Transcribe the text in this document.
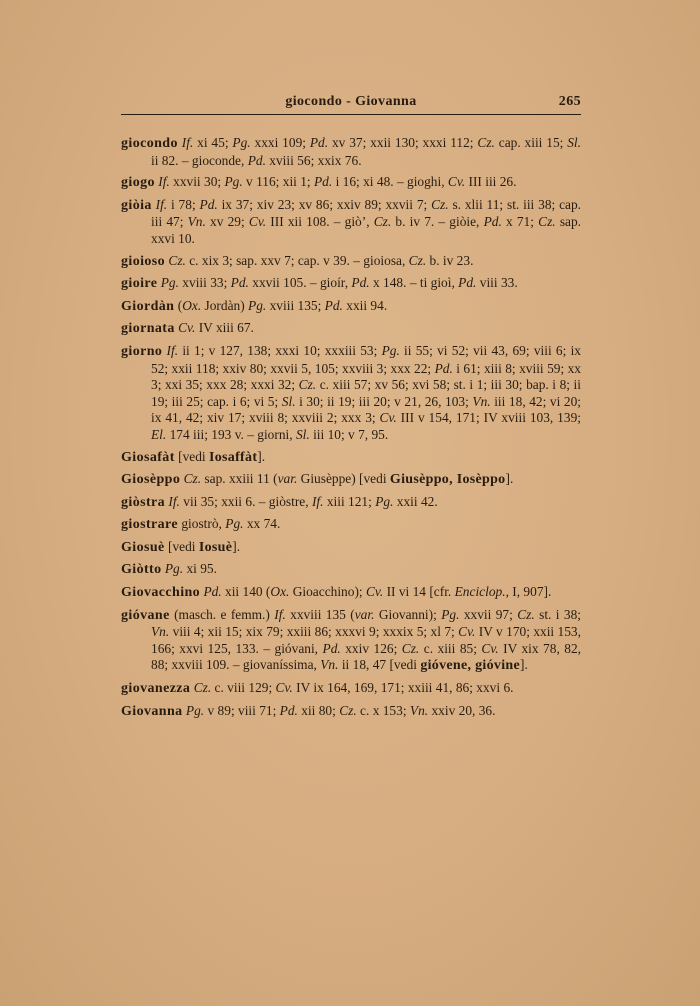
giocondo - Giovanna	265

giocondo If. xi 45; Pg. xxxi 109; Pd. xv 37; xxii 130; xxxi 112; Cz. cap. xiii 15; Sl. ii 82. – gioconde, Pd. xviii 56; xxix 76.

giogo If. xxvii 30; Pg. v 116; xii 1; Pd. i 16; xi 48. – gioghi, Cv. III iii 26.

giòia If. i 78; Pd. ix 37; xiv 23; xv 86; xxiv 89; xxvii 7; Cz. s. xlii 11; st. iii 38; cap. iii 47; Vn. xv 29; Cv. III xii 108. – giò’, Cz. b. iv 7. – giòie, Pd. x 71; Cz. sap. xxvi 10.

gioioso Cz. c. xix 3; sap. xxv 7; cap. v 39. – gioiosa, Cz. b. iv 23.

gioire Pg. xviii 33; Pd. xxvii 105. – gioír, Pd. x 148. – ti gioì, Pd. viii 33.

Giordàn (Ox. Jordàn) Pg. xviii 135; Pd. xxii 94.

giornata Cv. IV xiii 67.

giorno If. ii 1; v 127, 138; xxxi 10; xxxiii 53; Pg. ii 55; vi 52; vii 43, 69; viii 6; ix 52; xxii 118; xxiv 80; xxvii 5, 105; xxviii 3; xxx 22; Pd. i 61; xiii 8; xviii 59; xx 3; xxi 35; xxx 28; xxxi 32; Cz. c. xiii 57; xv 56; xvi 58; st. i 1; iii 30; bap. i 8; ii 19; iii 25; cap. i 6; vi 5; Sl. i 30; ii 19; iii 20; v 21, 26, 103; Vn. iii 18, 42; vi 20; ix 41, 42; xiv 17; xviii 8; xxviii 2; xxx 3; Cv. III v 154, 171; IV xviii 103, 139; El. 174 iii; 193 v. – giorni, Sl. iii 10; v 7, 95.

Giosafàt [vedi Iosaffàt].

Giosèppo Cz. sap. xxiii 11 (var. Giusèppe) [vedi Giusèppo, Iosèppo].

giòstra If. vii 35; xxii 6. – giòstre, If. xiii 121; Pg. xxii 42.

giostrare giostrò, Pg. xx 74.

Giosuè [vedi Iosuè].

Giòtto Pg. xi 95.

Giovacchino Pd. xii 140 (Ox. Gioacchino); Cv. II vi 14 [cfr. Enciclop., I, 907].

gióvane (masch. e femm.) If. xxviii 135 (var. Giovanni); Pg. xxvii 97; Cz. st. i 38; Vn. viii 4; xii 15; xix 79; xxiii 86; xxxvi 9; xxxix 5; xl 7; Cv. IV v 170; xxii 153, 166; xxvi 125, 133. – gióvani, Pd. xxiv 126; Cz. c. xiii 85; Cv. IV xix 78, 82, 88; xxviii 109. – giovaníssima, Vn. ii 18, 47 [vedi gióvene, gióvine].

giovanezza Cz. c. viii 129; Cv. IV ix 164, 169, 171; xxiii 41, 86; xxvi 6.

Giovanna Pg. v 89; viii 71; Pd. xii 80; Cz. c. x 153; Vn. xxiv 20, 36.
